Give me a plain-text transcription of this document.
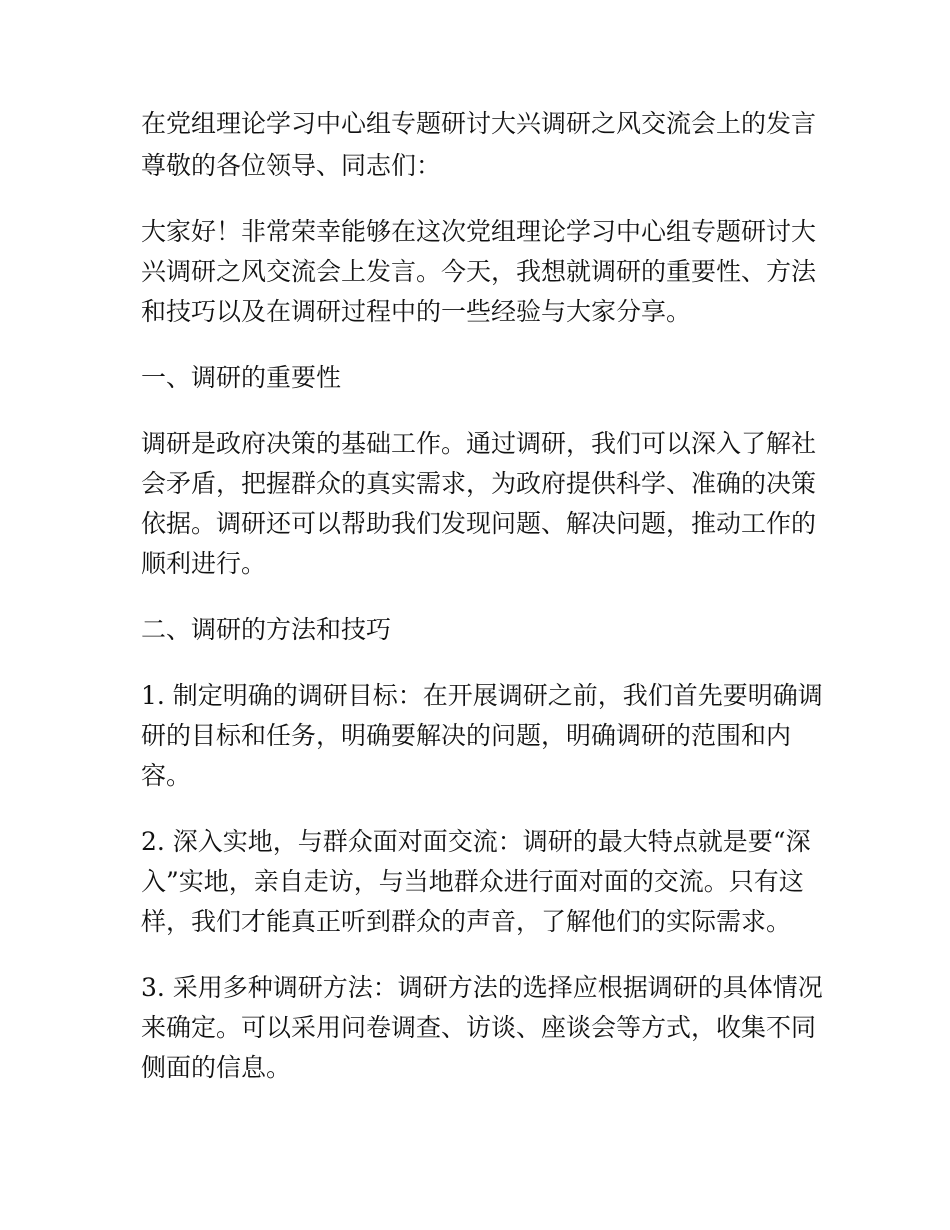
在党组理论学习中心组专题研讨大兴调研之风交流会上的发言

尊敬的各位领导、同志们：

大家好！非常荣幸能够在这次党组理论学习中心组专题研讨大兴调研之风交流会上发言。今天，我想就调研的重要性、方法和技巧以及在调研过程中的一些经验与大家分享。

一、调研的重要性

调研是政府决策的基础工作。通过调研，我们可以深入了解社会矛盾，把握群众的真实需求，为政府提供科学、准确的决策依据。调研还可以帮助我们发现问题、解决问题，推动工作的顺利进行。

二、调研的方法和技巧

1. 制定明确的调研目标：在开展调研之前，我们首先要明确调研的目标和任务，明确要解决的问题，明确调研的范围和内容。

2. 深入实地，与群众面对面交流：调研的最大特点就是要“深入”实地，亲自走访，与当地群众进行面对面的交流。只有这样，我们才能真正听到群众的声音，了解他们的实际需求。

3. 采用多种调研方法：调研方法的选择应根据调研的具体情况来确定。可以采用问卷调查、访谈、座谈会等方式，收集不同侧面的信息。
